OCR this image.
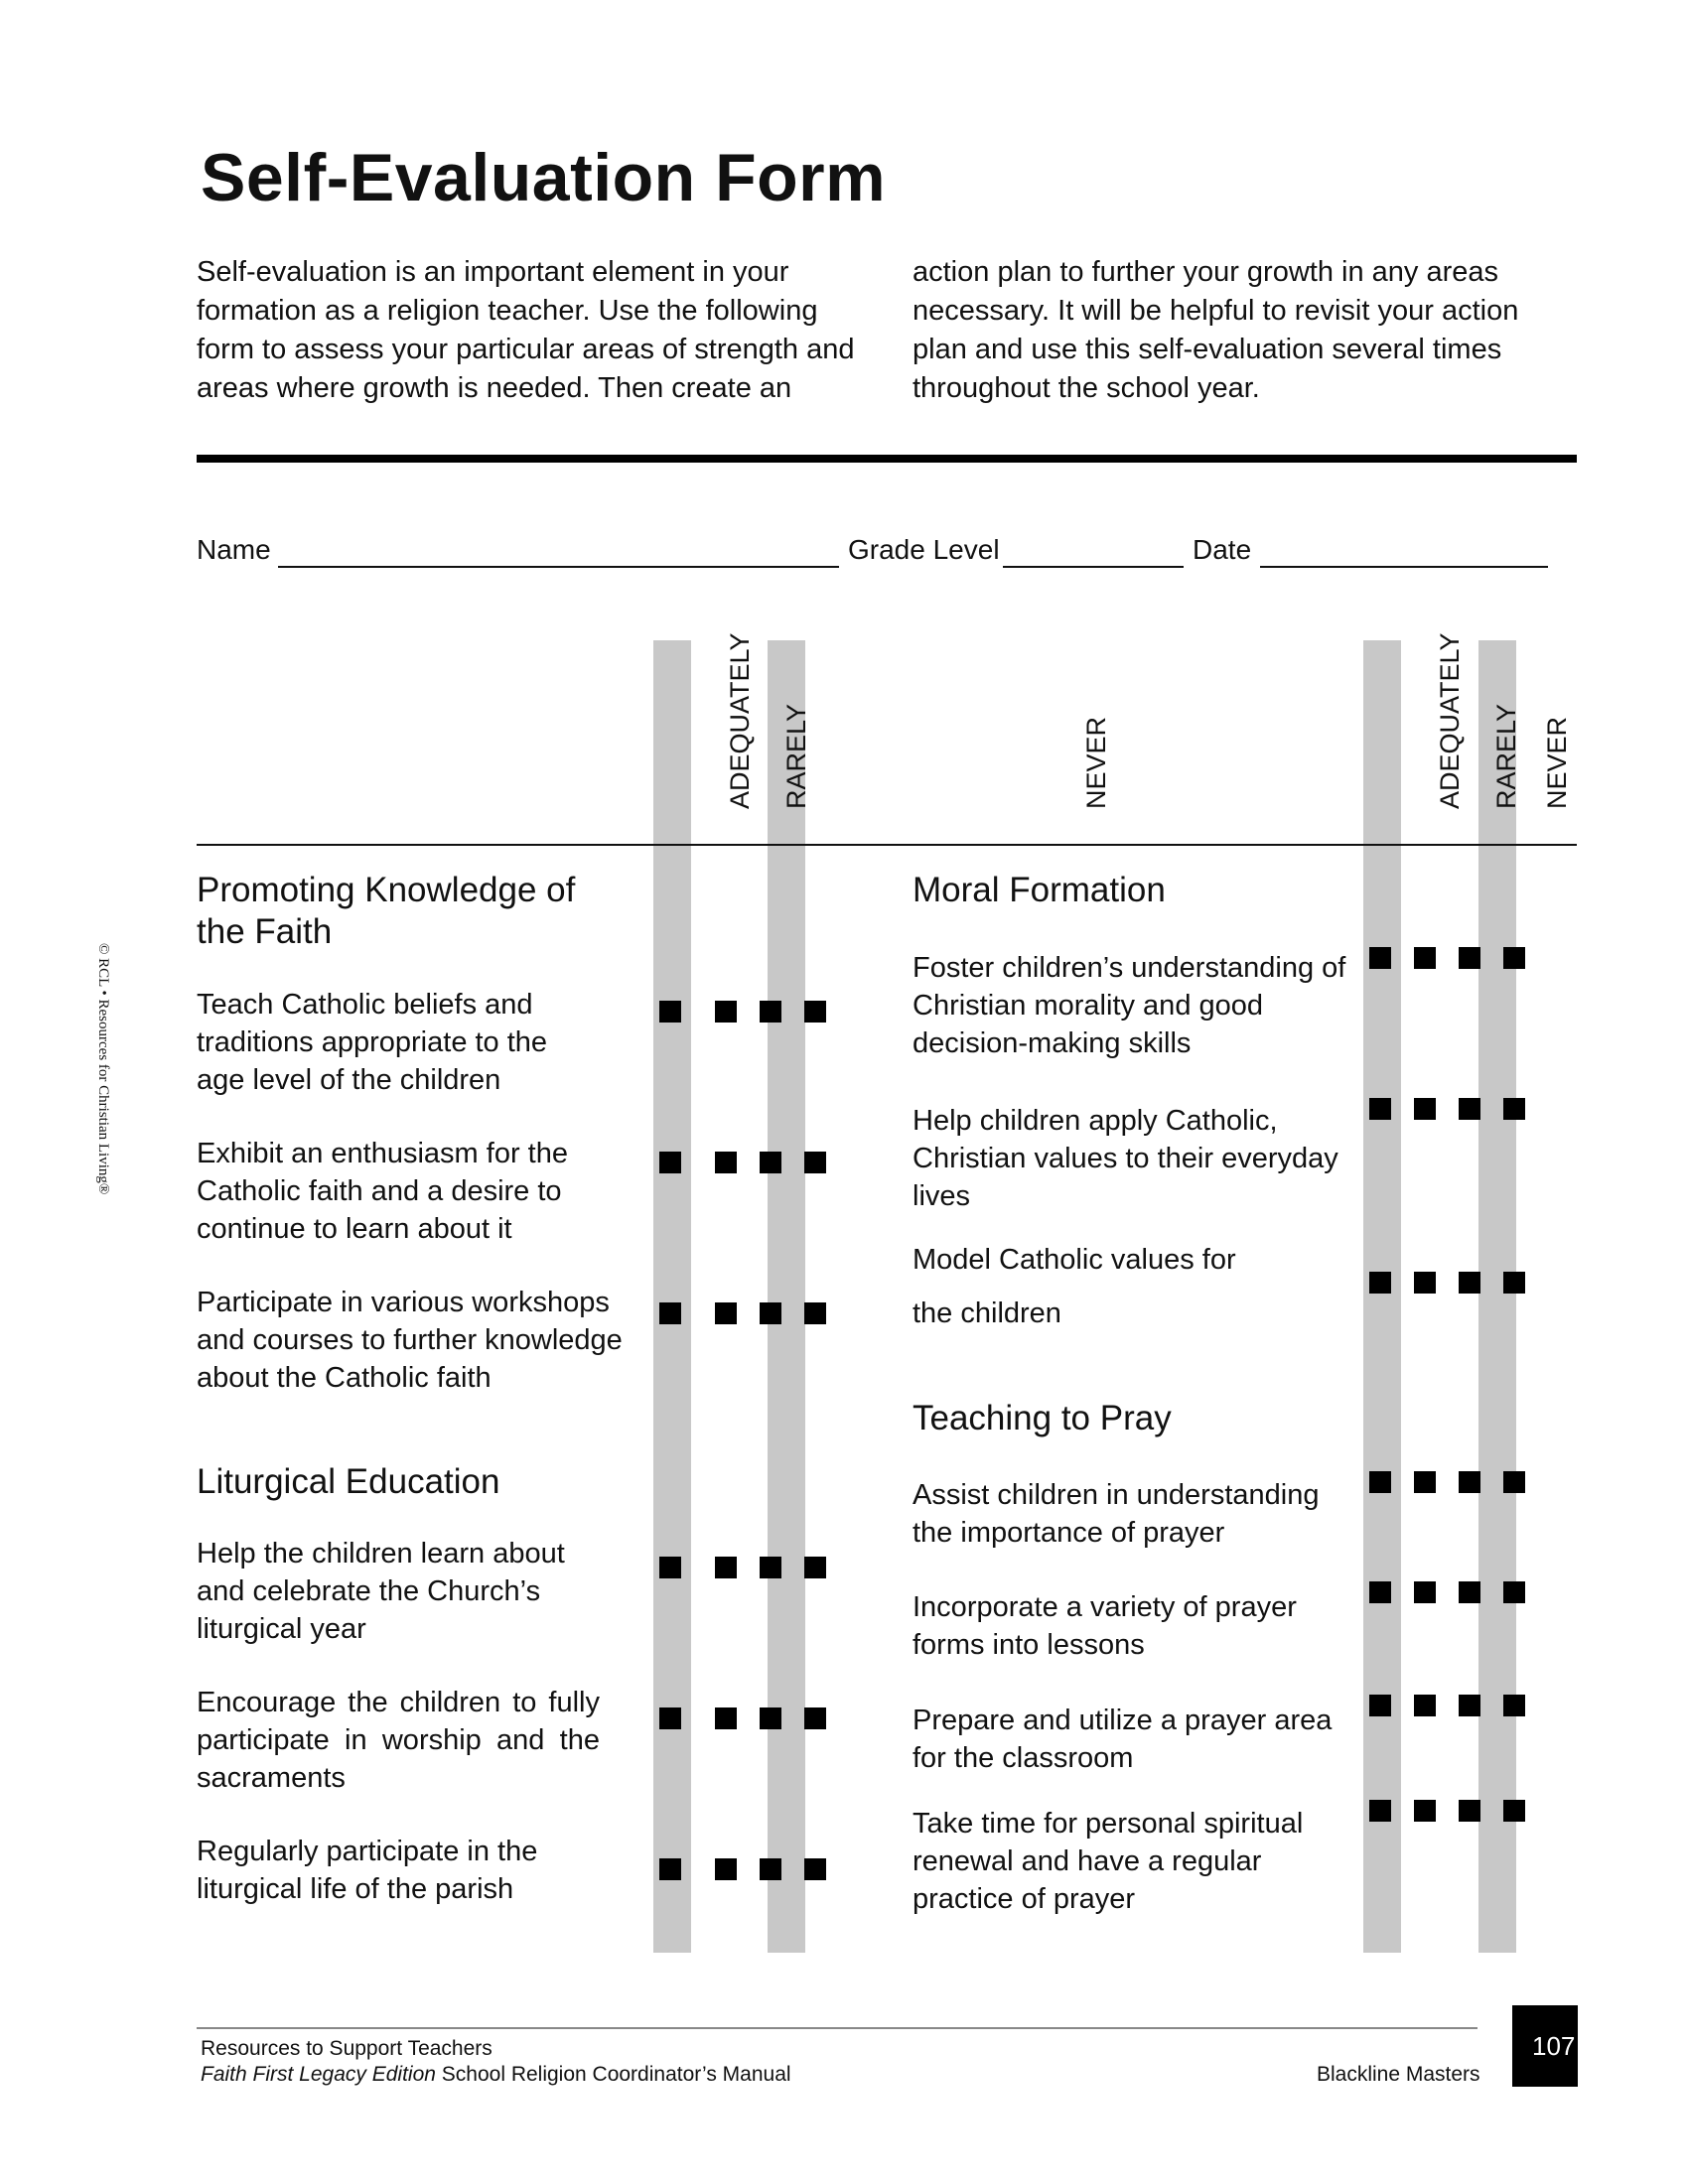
Self-Evaluation Form
Self-evaluation is an important element in your formation as a religion teacher. Use the following form to assess your particular areas of strength and areas where growth is needed. Then create an
action plan to further your growth in any areas necessary. It will be helpful to revisit your action plan and use this self-evaluation several times throughout the school year.
Name	Grade Level	Date
ADEQUATELY RARELY	NEVER	ADEQUATELY RARELY NEVER
Promoting Knowledge of the Faith
Teach Catholic beliefs and traditions appropriate to the age level of the children
Exhibit an enthusiasm for the Catholic faith and a desire to continue to learn about it
Participate in various workshops and courses to further knowledge about the Catholic faith
Liturgical Education
Help the children learn about and celebrate the Church’s liturgical year
Encourage the children to fully participate in worship and the sacraments
Regularly participate in the liturgical life of the parish
Moral Formation
Foster children’s understanding of Christian morality and good decision-making skills
Help children apply Catholic, Christian values to their everyday lives
Model Catholic values for
the children
Teaching to Pray
Assist children in understanding the importance of prayer
Incorporate a variety of prayer forms into lessons
Prepare and utilize a prayer area for the classroom
Take time for personal spiritual renewal and have a regular practice of prayer
© RCL • Resources for Christian Living®
Resources to Support Teachers
Faith First Legacy Edition School Religion Coordinator’s Manual	Blackline Masters
107
